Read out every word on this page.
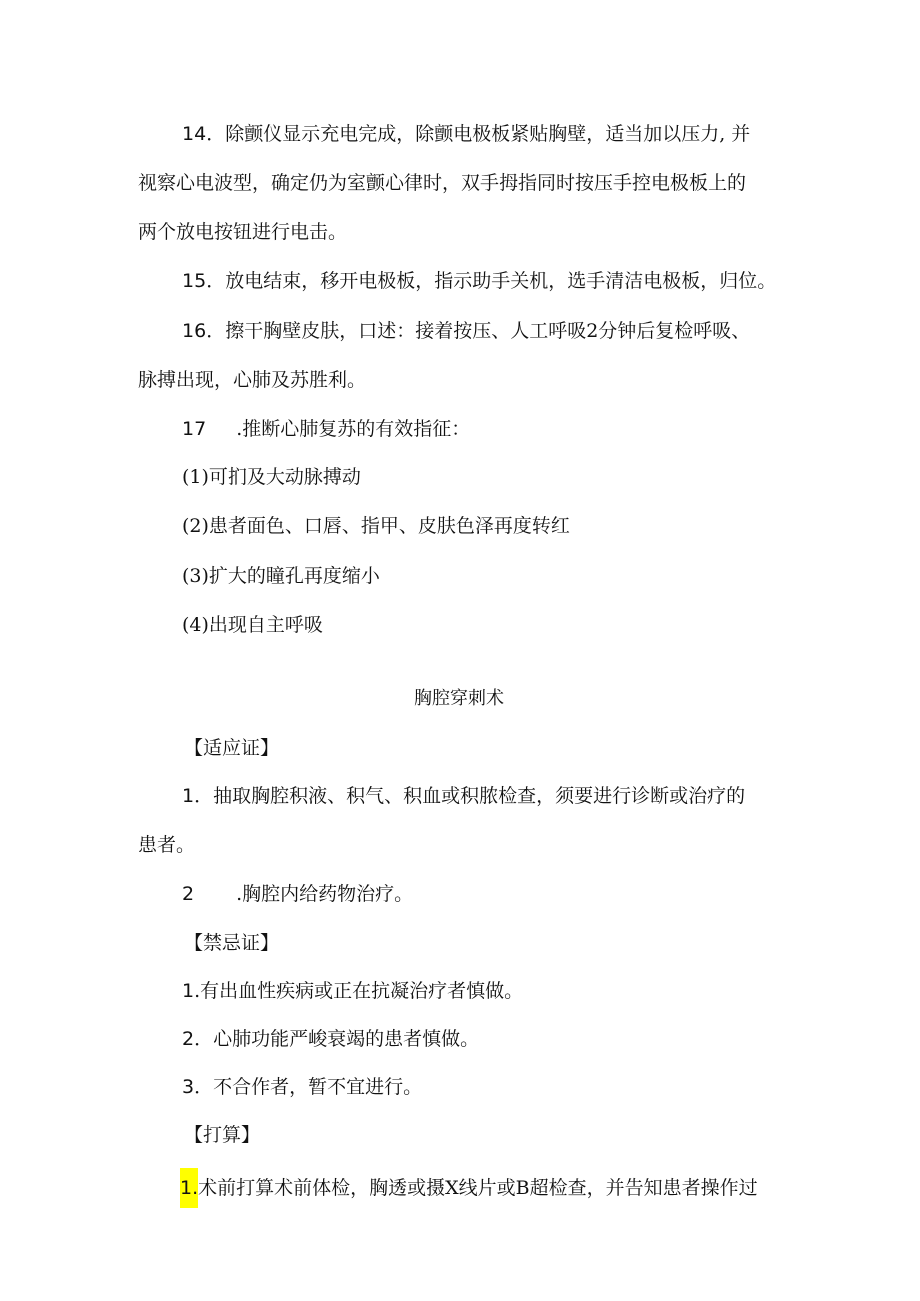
14．除颤仪显示充电完成，除颤电极板紧贴胸壁，适当加以压力, 并
视察心电波型，确定仍为室颤心律时，双手拇指同时按压手控电极板上的
两个放电按钮进行电击。
15．放电结束，移开电极板，指示助手关机，选手清洁电极板，归位。
16．擦干胸壁皮肤，口述：接着按压、人工呼吸2分钟后复检呼吸、
脉搏出现，心肺及苏胜利。
17 .推断心肺复苏的有效指征：
(1)可扪及大动脉搏动
(2)患者面色、口唇、指甲、皮肤色泽再度转红
(3)扩大的瞳孔再度缩小
(4)出现自主呼吸
胸腔穿刺术
【适应证】
1．抽取胸腔积液、积气、积血或积脓检查，须要进行诊断或治疗的
患者。
2 .胸腔内给药物治疗。
【禁忌证】
1.有出血性疾病或正在抗凝治疗者慎做。
2．心肺功能严峻衰竭的患者慎做。
3．不合作者，暂不宜进行。
【打算】
1.术前打算术前体检，胸透或摄X线片或B超检查，并告知患者操作过
